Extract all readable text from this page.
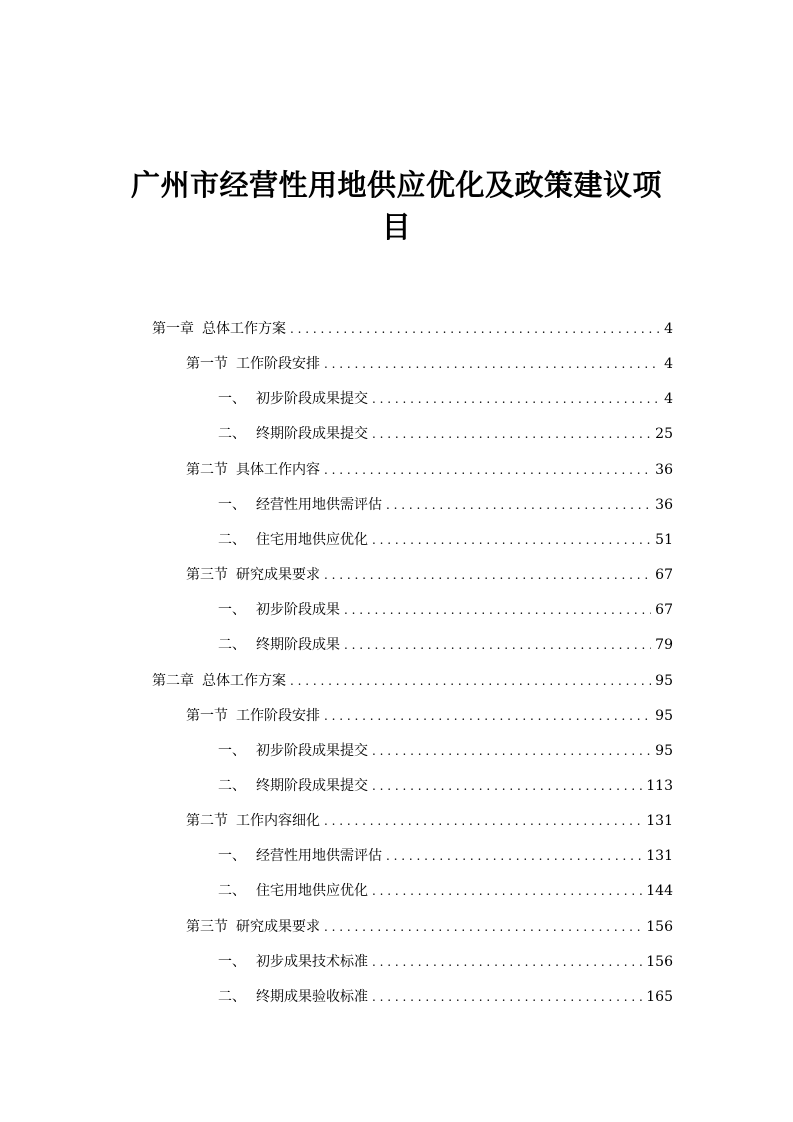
广州市经营性用地供应优化及政策建议项
目
第一章 总体工作方案 . . .	4
第一节 工作阶段安排 . . .	4
一、 初步阶段成果提交 . . .	4
二、 终期阶段成果提交 . . .	25
第二节 具体工作内容 . . .	36
一、 经营性用地供需评估 . . .	36
二、 住宅用地供应优化 . . .	51
第三节 研究成果要求 . . .	67
一、 初步阶段成果 . . .	67
二、 终期阶段成果 . . .	79
第二章 总体工作方案 . . .	95
第一节 工作阶段安排 . . .	95
一、 初步阶段成果提交 . . .	95
二、 终期阶段成果提交 . . .	113
第二节 工作内容细化 . . .	131
一、 经营性用地供需评估 . . .	131
二、 住宅用地供应优化 . . .	144
第三节 研究成果要求 . . .	156
一、 初步成果技术标准 . . .	156
二、 终期成果验收标准 . . .	165
